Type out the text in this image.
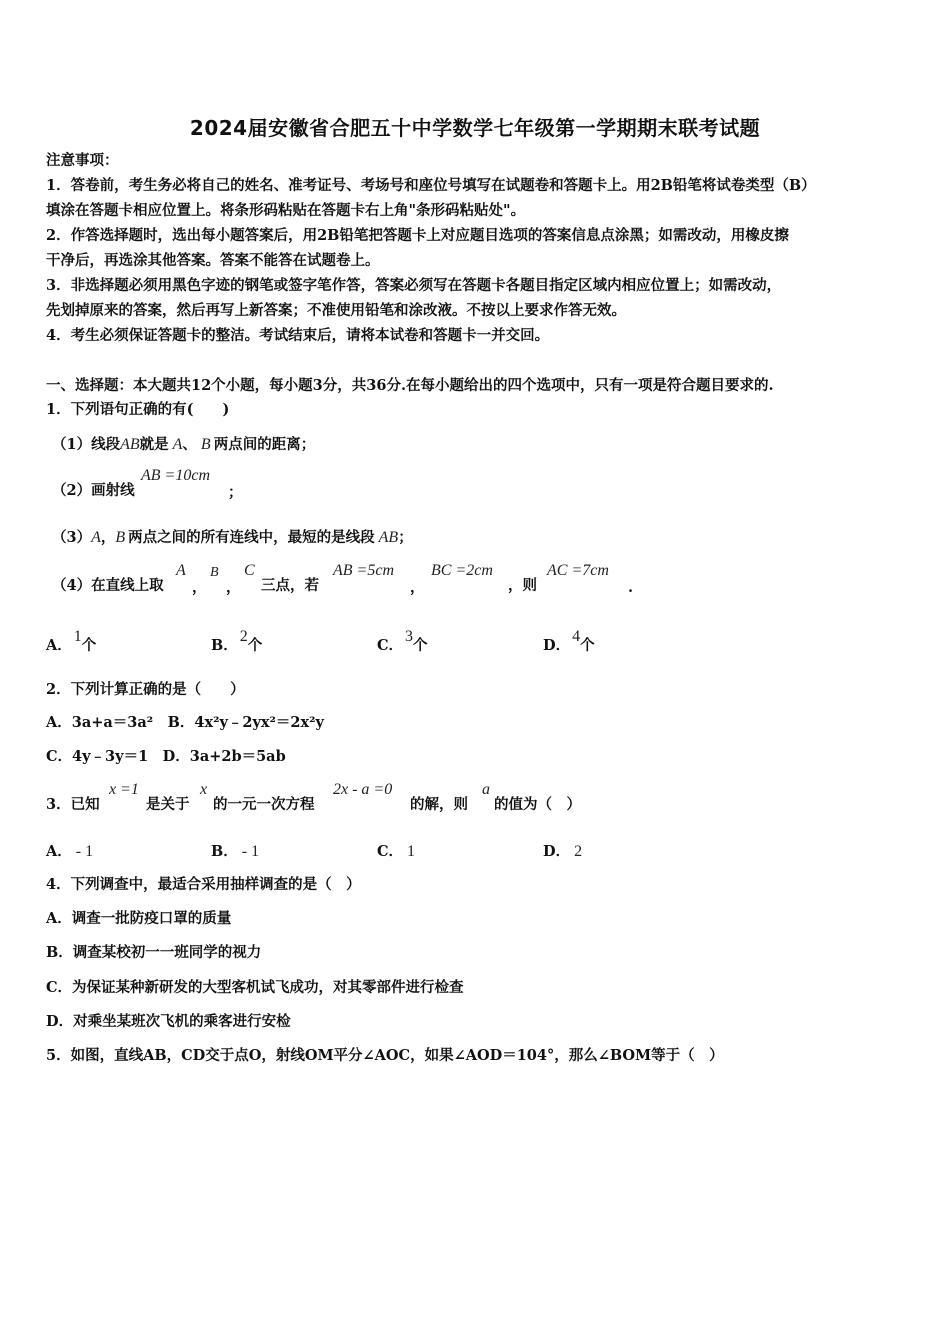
2024届安徽省合肥五十中学数学七年级第一学期期末联考试题
注意事项：
1．答卷前，考生务必将自己的姓名、准考证号、考场号和座位号填写在试题卷和答题卡上。用2B铅笔将试卷类型（B）
填涂在答题卡相应位置上。将条形码粘贴在答题卡右上角"条形码粘贴处"。
2．作答选择题时，选出每小题答案后，用2B铅笔把答题卡上对应题目选项的答案信息点涂黑；如需改动，用橡皮擦
干净后，再选涂其他答案。答案不能答在试题卷上。
3．非选择题必须用黑色字迹的钢笔或签字笔作答，答案必须写在答题卡各题目指定区域内相应位置上；如需改动，
先划掉原来的答案，然后再写上新答案；不准使用铅笔和涂改液。不按以上要求作答无效。
4．考生必须保证答题卡的整洁。考试结束后，请将本试卷和答题卡一并交回。
一、选择题：本大题共12个小题，每小题3分，共36分.在每小题给出的四个选项中，只有一项是符合题目要求的.
1．下列语句正确的有(　　)
（1）线段AB就是 A、 B 两点间的距离；
（2）画射线
AB =10cm
；
（3）A，B 两点之间的所有连线中，最短的是线段 AB；
（4）在直线上取
A
，
B
，
C
三点，若
AB =5cm
，
BC =2cm
，则
AC =7cm
.
A．1个	B．2个	C．3个	D．4个
2．下列计算正确的是（　　）
A．3a+a＝3a²　B．4x²y﹣2yx²＝2x²y
C．4y﹣3y＝1　D．3a+2b＝5ab
3．已知
x =1
是关于
x
的一元一次方程
2x - a =0
的解，则
a
的值为（　）
A． - 1	B． - 1	C． 1	D． 2
4．下列调查中，最适合采用抽样调查的是（　）
A．调查一批防疫口罩的质量
B．调查某校初一一班同学的视力
C．为保证某种新研发的大型客机试飞成功，对其零部件进行检查
D．对乘坐某班次飞机的乘客进行安检
5．如图，直线AB，CD交于点O，射线OM平分∠AOC，如果∠AOD＝104°，那么∠BOM等于（　）
